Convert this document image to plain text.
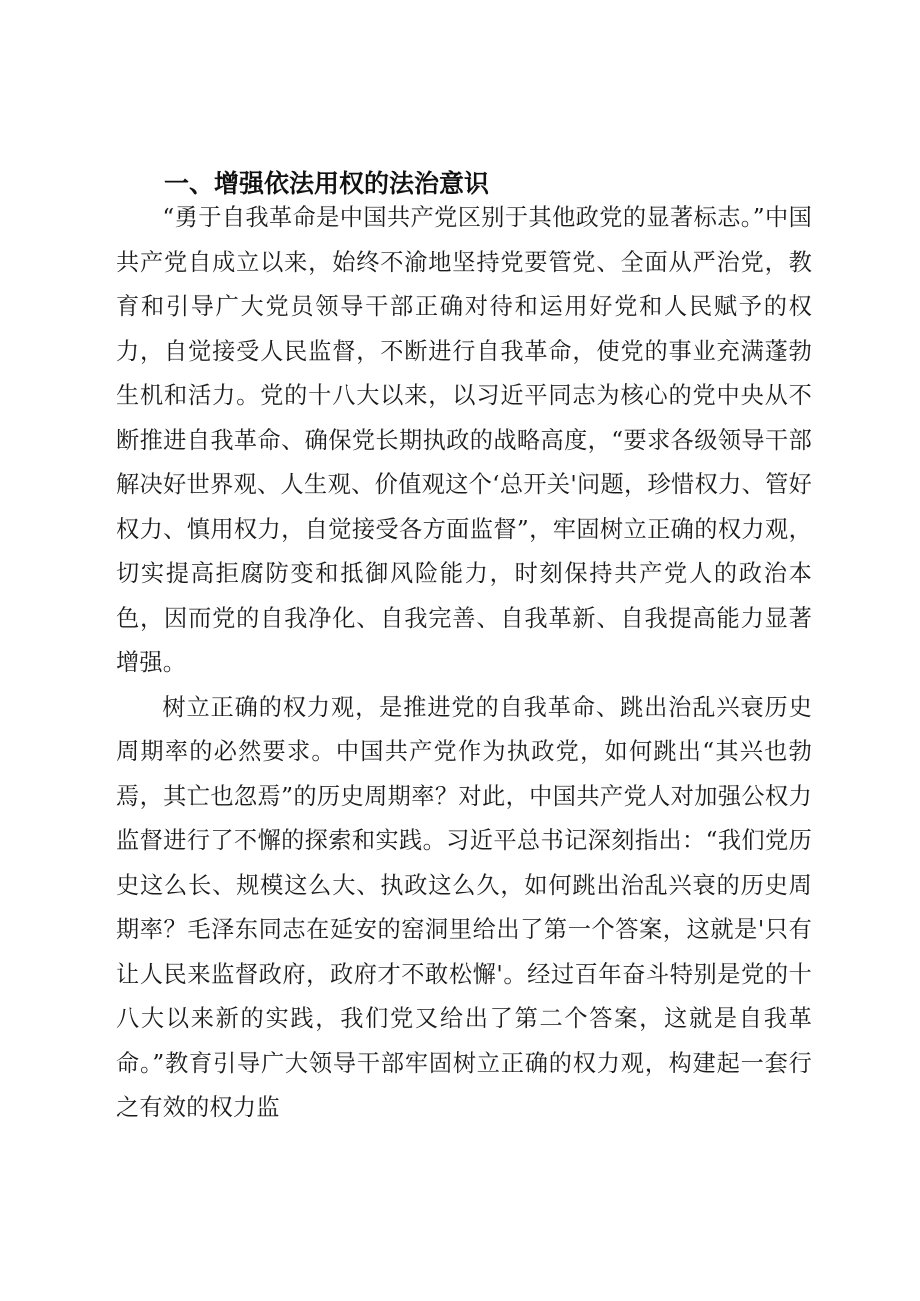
一、增强依法用权的法治意识

“勇于自我革命是中国共产党区别于其他政党的显著标志。”中国共产党自成立以来，始终不渝地坚持党要管党、全面从严治党，教育和引导广大党员领导干部正确对待和运用好党和人民赋予的权力，自觉接受人民监督，不断进行自我革命，使党的事业充满蓬勃生机和活力。党的十八大以来，以习近平同志为核心的党中央从不断推进自我革命、确保党长期执政的战略高度，“要求各级领导干部解决好世界观、人生观、价值观这个‘总开关'问题，珍惜权力、管好权力、慎用权力，自觉接受各方面监督”，牢固树立正确的权力观，切实提高拒腐防变和抵御风险能力，时刻保持共产党人的政治本色，因而党的自我净化、自我完善、自我革新、自我提高能力显著增强。

树立正确的权力观，是推进党的自我革命、跳出治乱兴衰历史周期率的必然要求。中国共产党作为执政党，如何跳出“其兴也勃焉，其亡也忽焉”的历史周期率？对此，中国共产党人对加强公权力监督进行了不懈的探索和实践。习近平总书记深刻指出：“我们党历史这么长、规模这么大、执政这么久，如何跳出治乱兴衰的历史周期率？毛泽东同志在延安的窑洞里给出了第一个答案，这就是'只有让人民来监督政府，政府才不敢松懈'。经过百年奋斗特别是党的十八大以来新的实践，我们党又给出了第二个答案，这就是自我革命。”教育引导广大领导干部牢固树立正确的权力观，构建起一套行之有效的权力监
